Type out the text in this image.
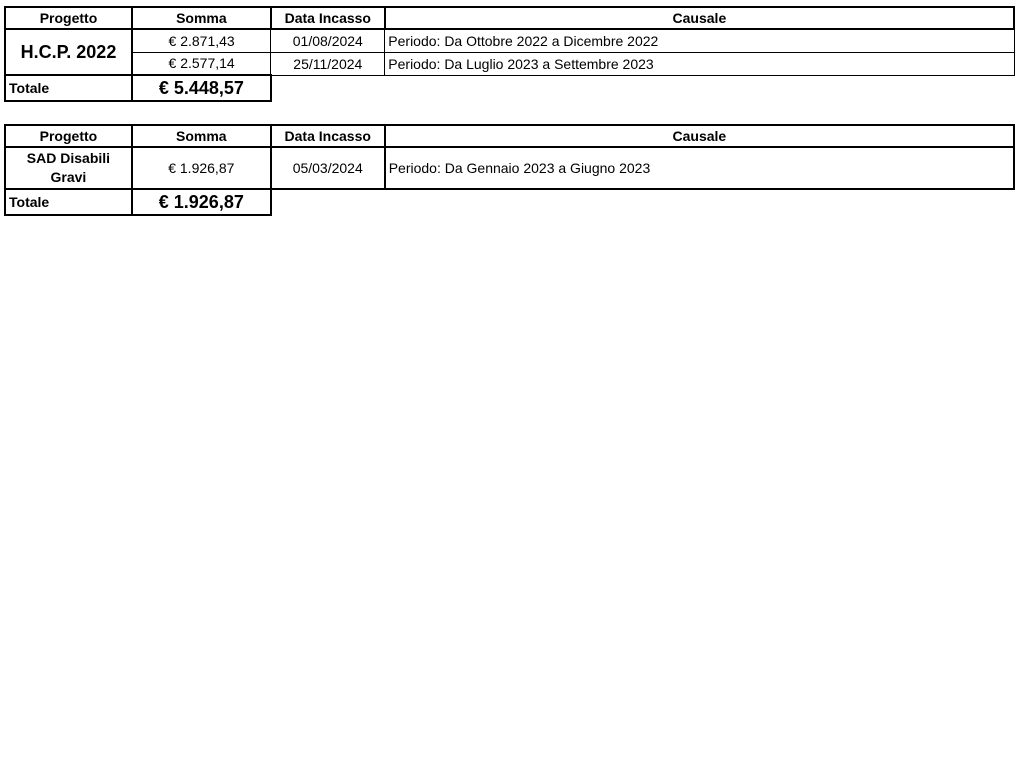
Progetto	Somma	Data Incasso	Causale
H.C.P. 2022	€ 2.871,43	01/08/2024	Periodo: Da Ottobre 2022 a Dicembre 2022
	€ 2.577,14	25/11/2024	Periodo: Da Luglio 2023 a Settembre 2023
Totale	€ 5.448,57		
Progetto	Somma	Data Incasso	Causale
SAD Disabili Gravi	€ 1.926,87	05/03/2024	Periodo: Da Gennaio 2023 a Giugno 2023
Totale	€ 1.926,87		
